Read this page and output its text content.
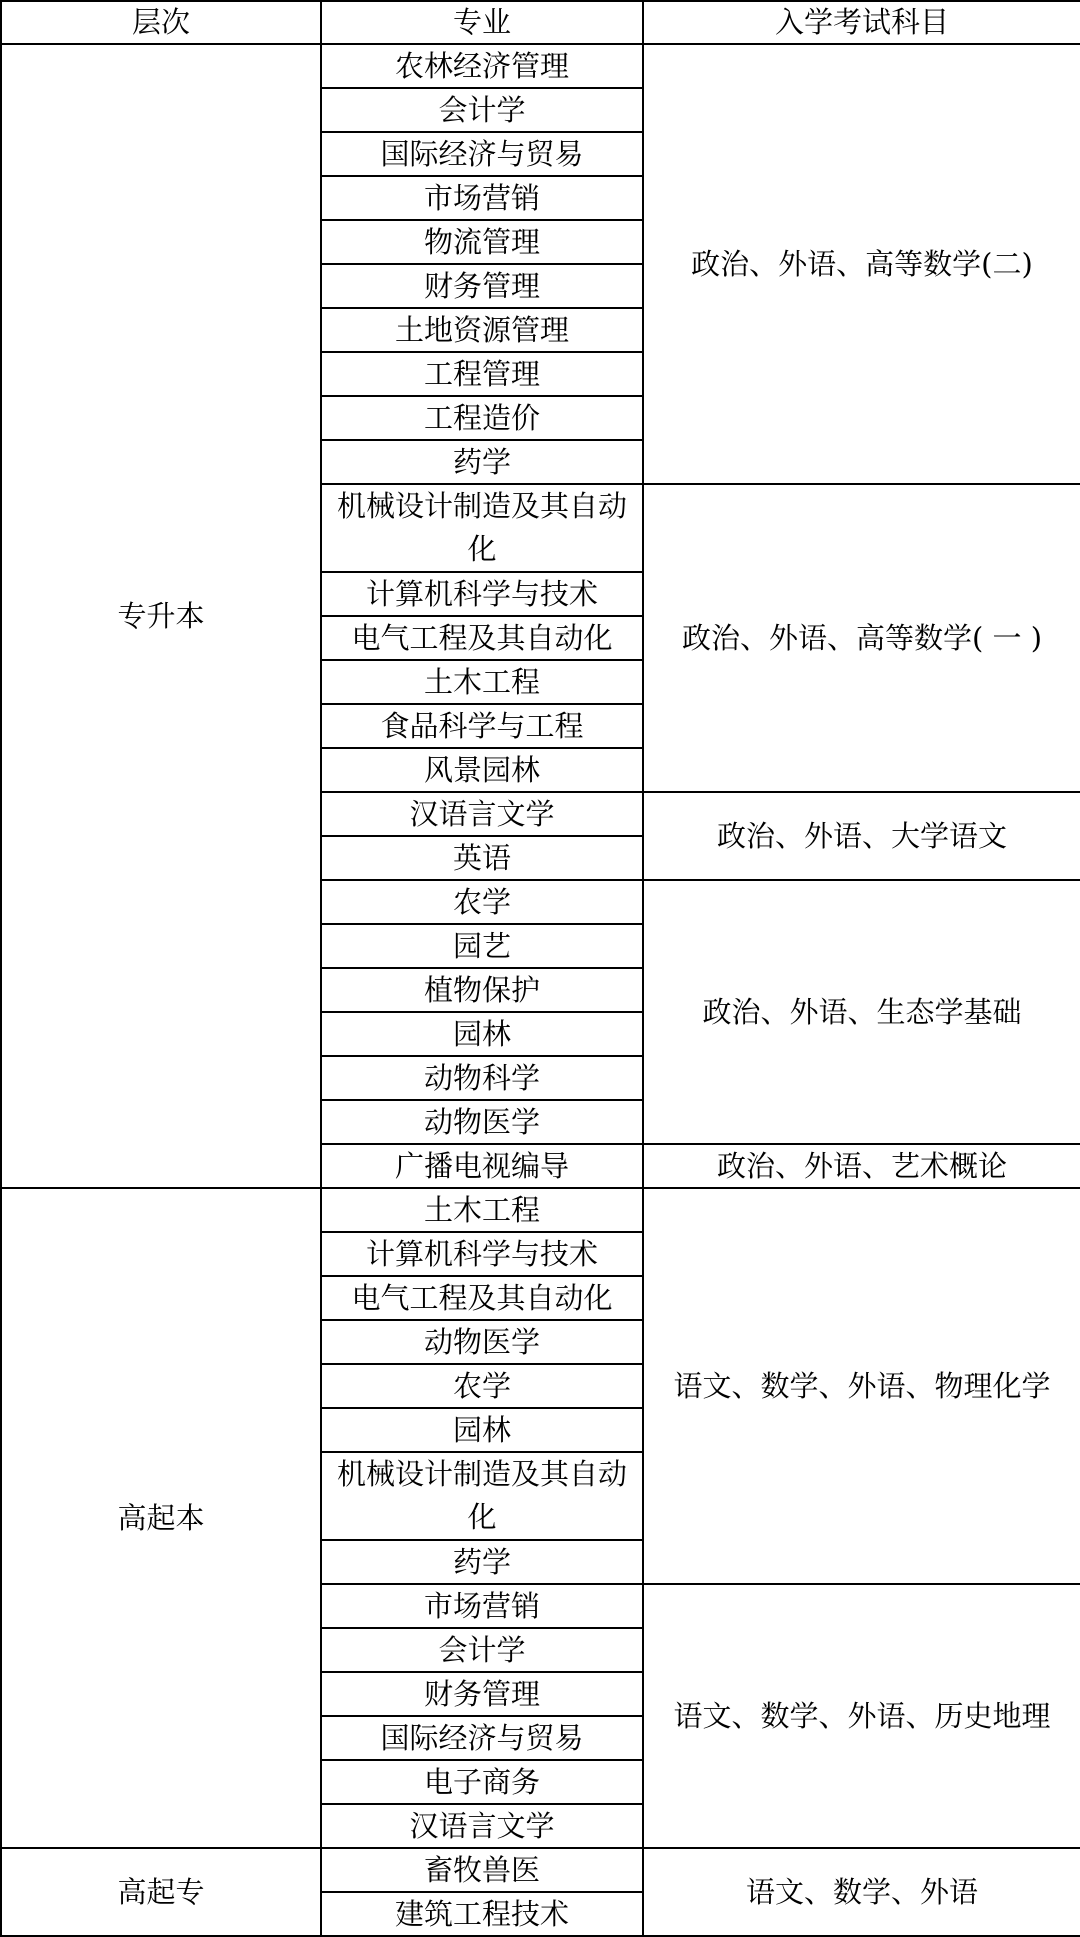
层次	专业	入学考试科目
专升本	农林经济管理	政治、外语、高等数学(二)
	会计学	
	国际经济与贸易	
	市场营销	
	物流管理	
	财务管理	
	土地资源管理	
	工程管理	
	工程造价	
	药学	
	机械设计制造及其自动化	政治、外语、高等数学( 一 )
	计算机科学与技术	
	电气工程及其自动化	
	土木工程	
	食品科学与工程	
	风景园林	
	汉语言文学	政治、外语、大学语文
	英语	
	农学	政治、外语、生态学基础
	园艺	
	植物保护	
	园林	
	动物科学	
	动物医学	
	广播电视编导	政治、外语、艺术概论
高起本	土木工程	语文、数学、外语、物理化学
	计算机科学与技术	
	电气工程及其自动化	
	动物医学	
	农学	
	园林	
	机械设计制造及其自动化	
	药学	
	市场营销	语文、数学、外语、历史地理
	会计学	
	财务管理	
	国际经济与贸易	
	电子商务	
	汉语言文学	
高起专	畜牧兽医	语文、数学、外语
	建筑工程技术	
